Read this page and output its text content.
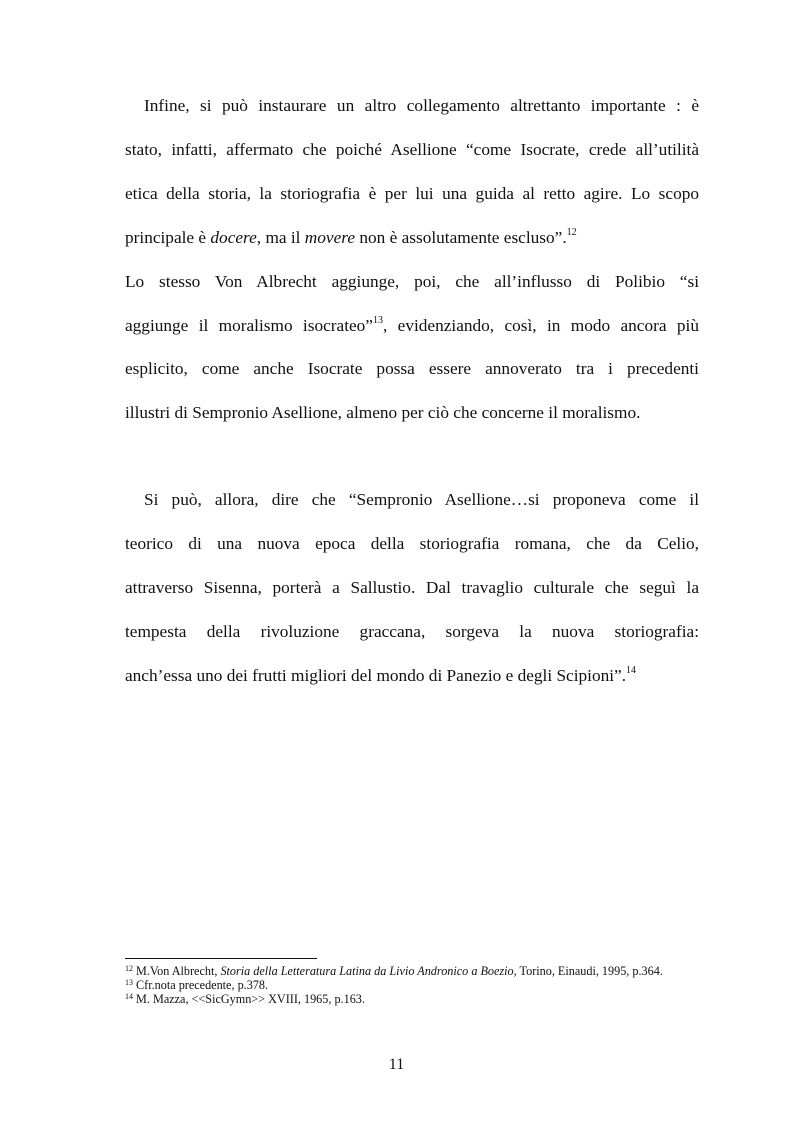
Infine, si può instaurare un altro collegamento altrettanto importante : è
stato, infatti, affermato che poiché Asellione “come Isocrate, crede all’utilità
etica della storia, la storiografia è per lui una guida al retto agire. Lo scopo
principale è docere, ma il movere non è assolutamente escluso”.$^{12}$
Lo stesso Von Albrecht aggiunge, poi, che all’influsso di Polibio “si
aggiunge il moralismo isocrateo”$^{13}$, evidenziando, così, in modo ancora più
esplicito, come anche Isocrate possa essere annoverato tra i precedenti
illustri di Sempronio Asellione, almeno per ciò che concerne il moralismo.
Si può, allora, dire che “Sempronio Asellione…si proponeva come il
teorico di una nuova epoca della storiografia romana, che da Celio,
attraverso Sisenna, porterà a Sallustio. Dal travaglio culturale che seguì la
tempesta della rivoluzione graccana, sorgeva la nuova storiografia:
anch’essa uno dei frutti migliori del mondo di Panezio e degli Scipioni”.$^{14}$

$^{12}$ M.Von Albrecht, Storia della Letteratura Latina da Livio Andronico a Boezio, Torino, Einaudi, 1995, p.364.

$^{13}$ Cfr.nota precedente, p.378.

$^{14}$ M. Mazza, <<SicGymn>> XVIII, 1965, p.163.

11
